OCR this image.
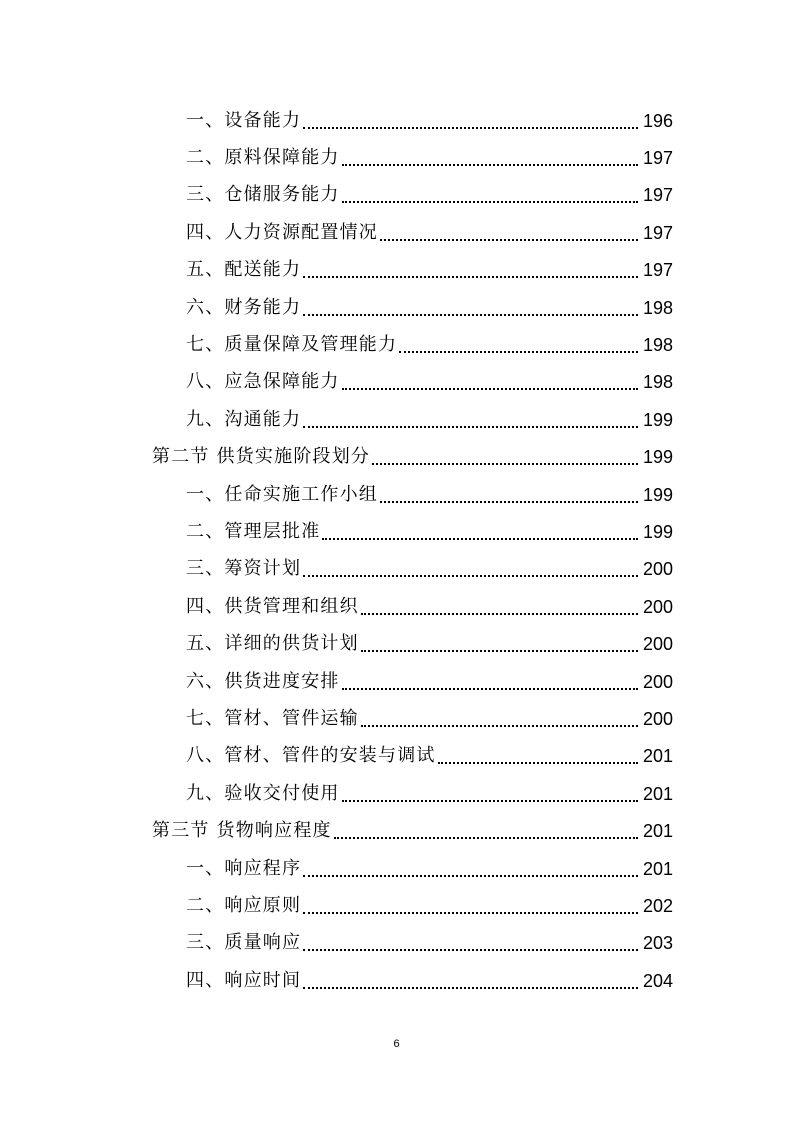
一、设备能力	196
二、原料保障能力	197
三、仓储服务能力	197
四、人力资源配置情况	197
五、配送能力	197
六、财务能力	198
七、质量保障及管理能力	198
八、应急保障能力	198
九、沟通能力	199
第二节 供货实施阶段划分	199
一、任命实施工作小组	199
二、管理层批准	199
三、筹资计划	200
四、供货管理和组织	200
五、详细的供货计划	200
六、供货进度安排	200
七、管材、管件运输	200
八、管材、管件的安装与调试	201
九、验收交付使用	201
第三节 货物响应程度	201
一、响应程序	201
二、响应原则	202
三、质量响应	203
四、响应时间	204
6
